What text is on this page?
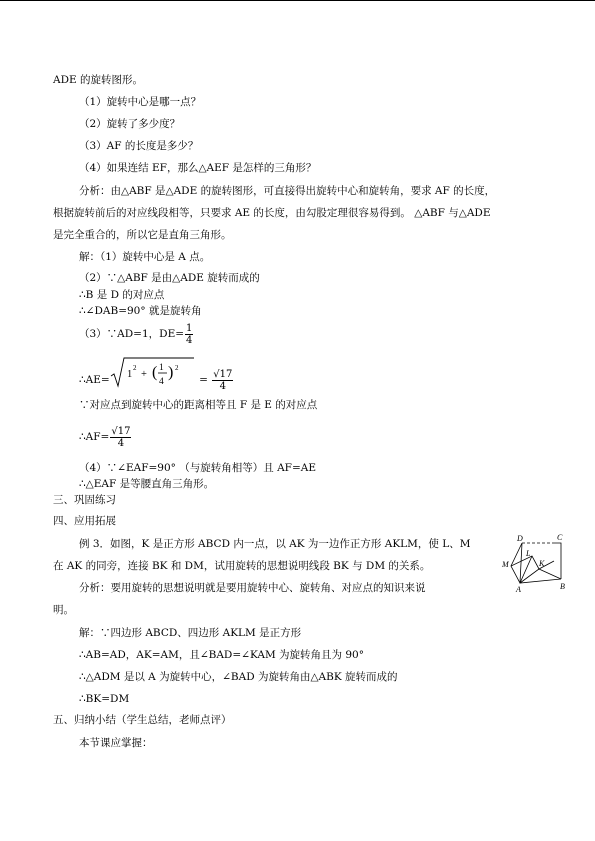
ADE 的旋转图形。
（1）旋转中心是哪一点？
（2）旋转了多少度？
（3）AF 的长度是多少？
（4）如果连结 EF，那么△AEF 是怎样的三角形？
分析：由△ABF 是△ADE 的旋转图形，可直接得出旋转中心和旋转角，要求 AF 的长度，
根据旋转前后的对应线段相等，只要求 AE 的长度，由勾股定理很容易得到。 △ABF 与△ADE
是完全重合的，所以它是直角三角形。
解：（1）旋转中心是 A 点。
（2）∵△ABF 是由△ADE 旋转而成的
∴B 是 D 的对应点
∴∠DAB=90° 就是旋转角
（3）∵AD=1，$DE= \frac{1}{4}$
∴AE= 1
2
+ ( 1
4
) 2
= $\frac{√17}{4}$
∵对应点到旋转中心的距离相等且 F 是 E 的对应点
∴AF= $\frac{√17}{4}$
（4）∵∠EAF=90° （与旋转角相等）且 AF=AE
∴△EAF 是等腰直角三角形。
三、巩固练习
四、应用拓展
例 3．如图，K 是正方形 ABCD 内一点，以 AK 为一边作正方形 AKLM，使 L、M
在 AK 的同旁，连接 BK 和 DM，试用旋转的思想说明线段 BK 与 DM 的关系。
分析：要用旋转的思想说明就是要用旋转中心、旋转角、对应点的知识来说
明。
解：∵四边形 ABCD、四边形 AKLM 是正方形
∴AB=AD，AK=AM，且∠BAD=∠KAM 为旋转角且为 90°
∴△ADM 是以 A 为旋转中心，∠BAD 为旋转角由△ABK 旋转而成的
∴BK=DM
五、归纳小结（学生总结，老师点评）
本节课应掌握：
D	C
L
K
M
A	B
